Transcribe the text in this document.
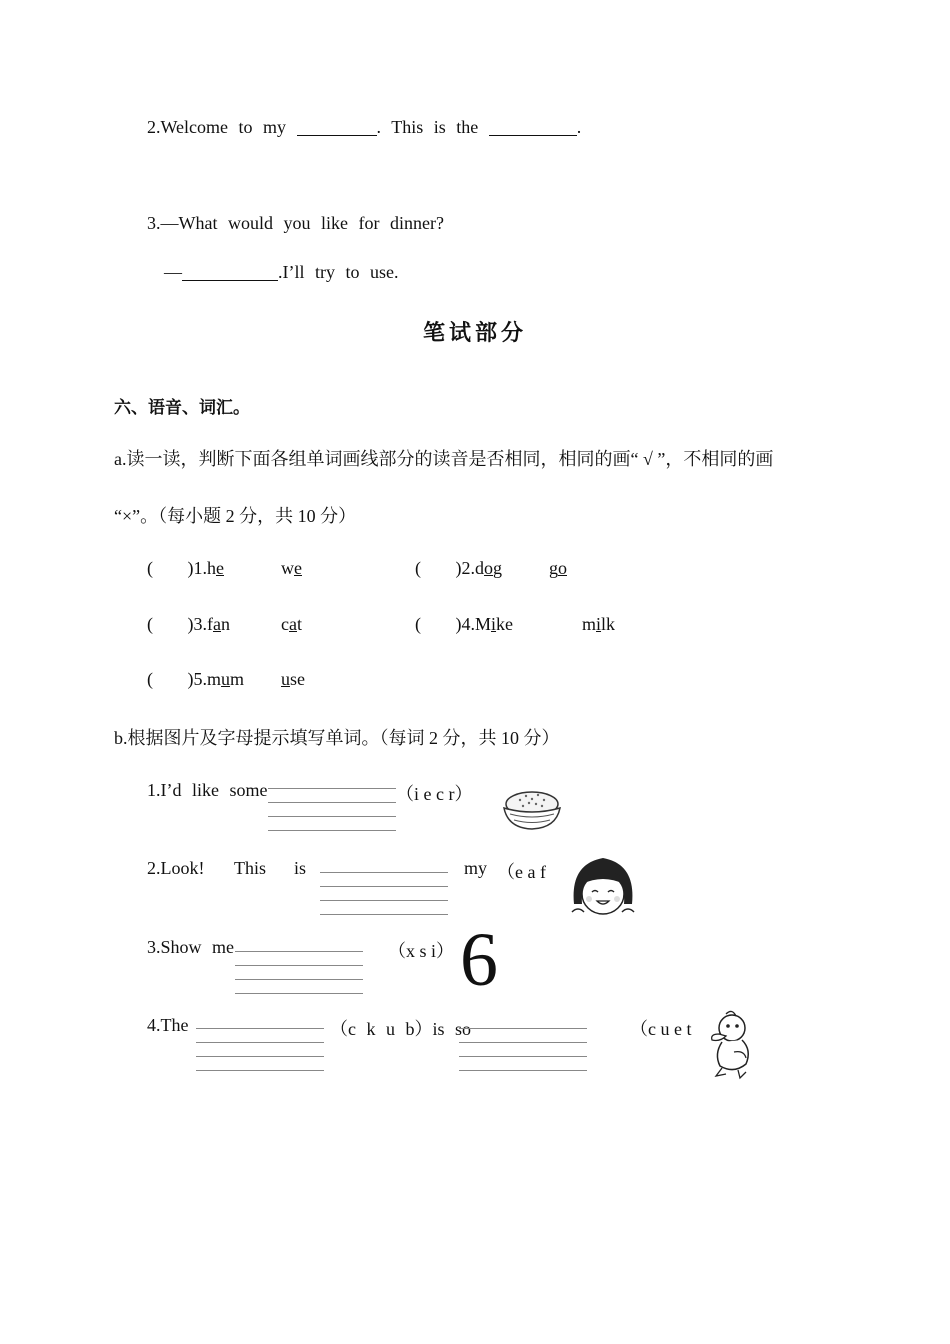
2.Welcome to my	. This is the	.
3.—What would you like for dinner?
—	.I’ll try to use.
笔试部分
六、语音、词汇。
a.读一读，判断下面各组单词画线部分的读音是否相同，相同的画“ √ ”，不相同的画
“×”。（每小题 2 分，共 10 分）
( )1.he	we	( )2.dog	go
( )3.fan	cat	( )4.Mike	milk
( )5.mum use
b.根据图片及字母提示填写单词。（每词 2 分，共 10 分）
1.I’d like some	（i e c r）
2.Look! This is	my （e a f
3.Show me	（x s i） 6
4.The	（c k u b）is so	（c u e t
